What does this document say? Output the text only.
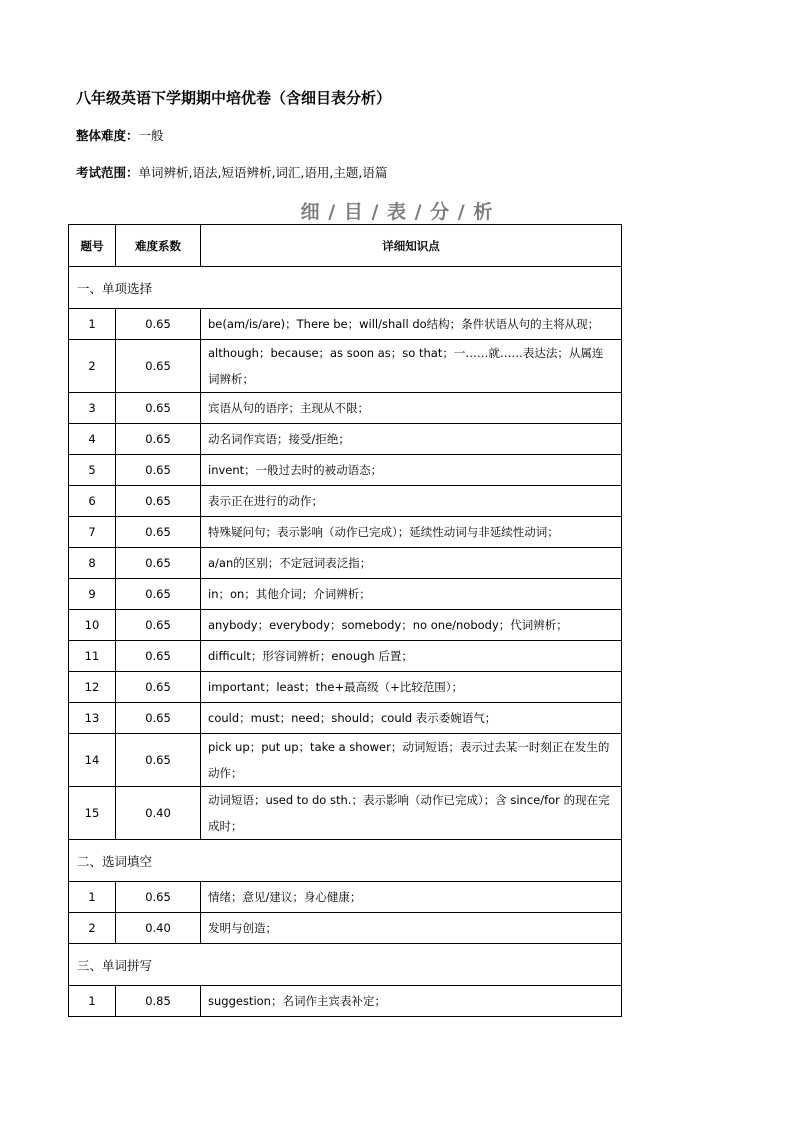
八年级英语下学期期中培优卷（含细目表分析）
整体难度：一般
考试范围：单词辨析,语法,短语辨析,词汇,语用,主题,语篇
细 / 目 / 表 / 分 / 析
题号	难度系数	详细知识点
一、单项选择		
1	0.65	be(am/is/are)；There be；will/shall do结构；条件状语从句的主将从现；
2	0.65	although；because；as soon as；so that；一……就……表达法；从属连词辨析；
3	0.65	宾语从句的语序；主现从不限；
4	0.65	动名词作宾语；接受/拒绝；
5	0.65	invent；一般过去时的被动语态；
6	0.65	表示正在进行的动作；
7	0.65	特殊疑问句；表示影响（动作已完成）；延续性动词与非延续性动词；
8	0.65	a/an的区别；不定冠词表泛指；
9	0.65	in；on；其他介词；介词辨析；
10	0.65	anybody；everybody；somebody；no one/nobody；代词辨析；
11	0.65	difficult；形容词辨析；enough 后置；
12	0.65	important；least；the+最高级（+比较范围）；
13	0.65	could；must；need；should；could 表示委婉语气；
14	0.65	pick up；put up；take a shower；动词短语；表示过去某一时刻正在发生的动作；
15	0.40	动词短语；used to do sth.；表示影响（动作已完成）；含 since/for 的现在完成时；
二、选词填空		
1	0.65	情绪；意见/建议；身心健康；
2	0.40	发明与创造；
三、单词拼写		
1	0.85	suggestion；名词作主宾表补定；
